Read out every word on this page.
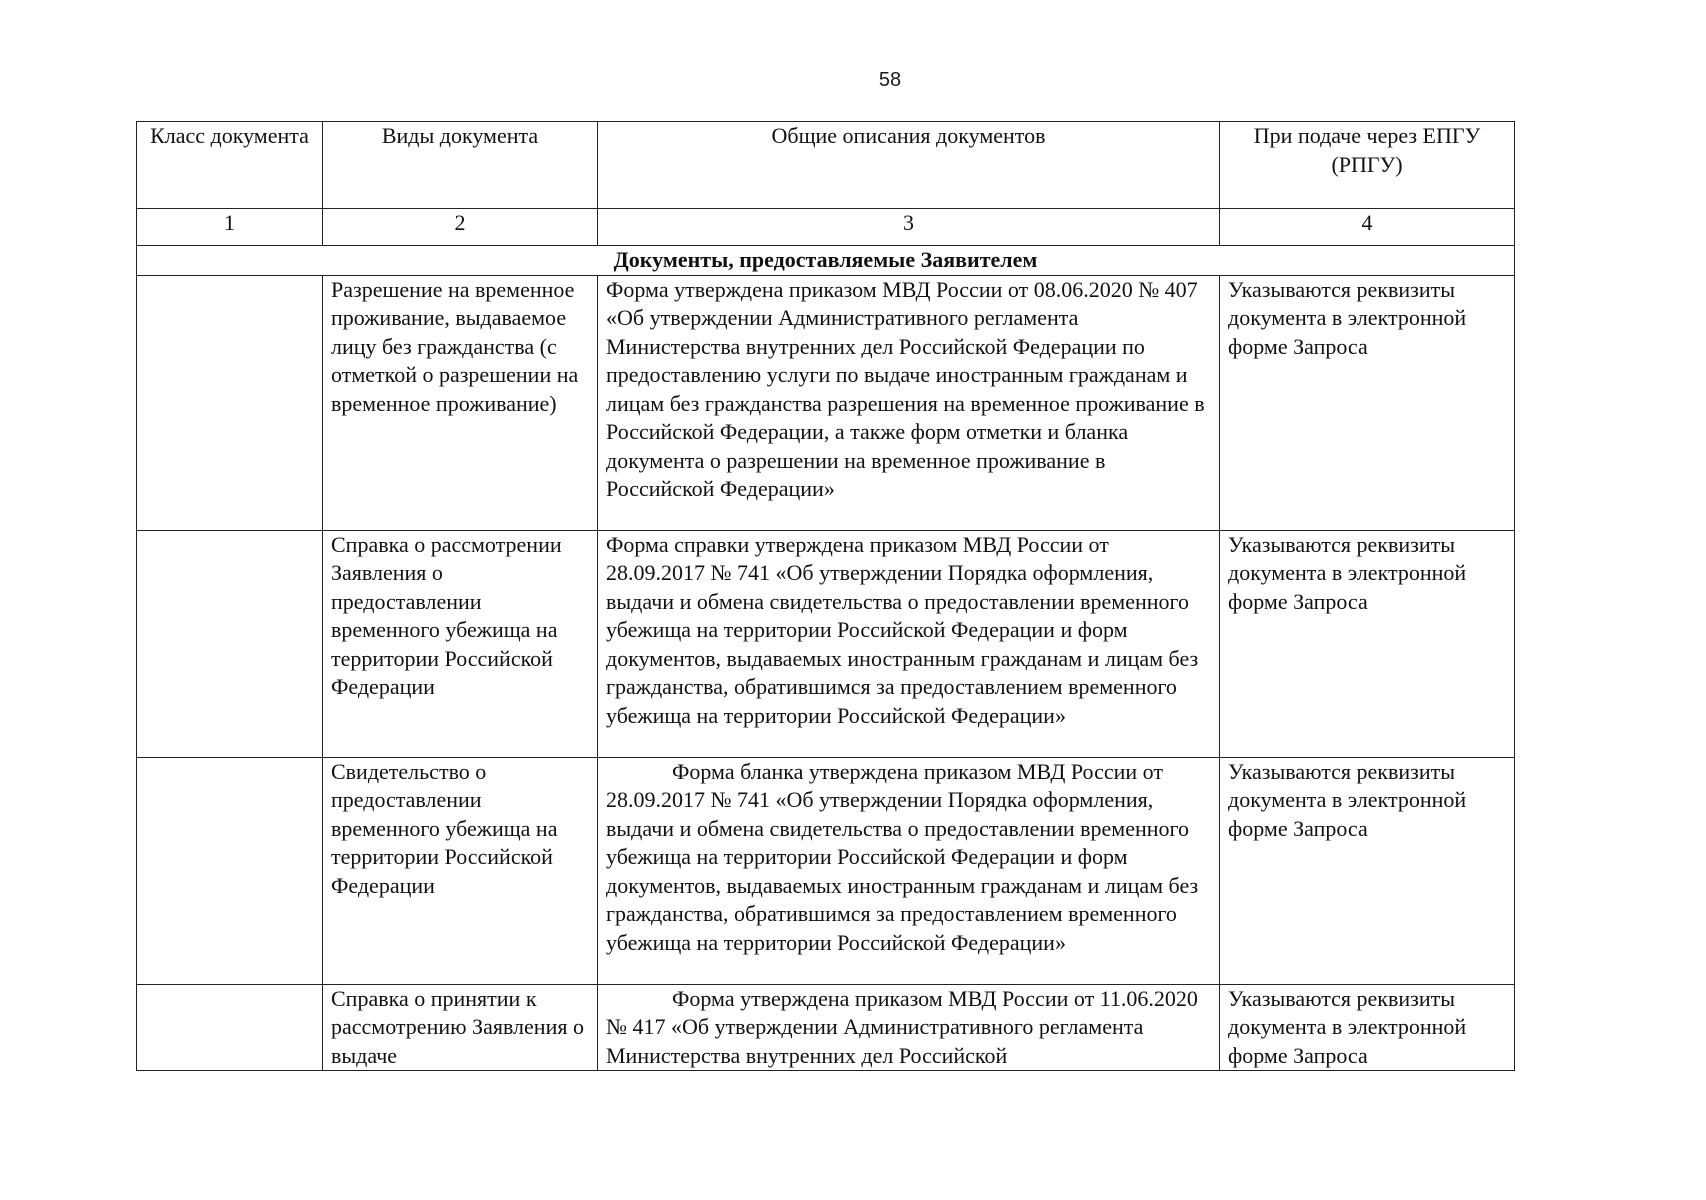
58
Класс документа	Виды документа	Общие описания документов	При подаче через ЕПГУ (РПГУ)
1	2	3	4
Документы, предоставляемые Заявителем			
	Разрешение на временное проживание, выдаваемое лицу без гражданства (с отметкой о разрешении на временное проживание)	Форма утверждена приказом МВД России от 08.06.2020 № 407 «Об утверждении Административного регламента Министерства внутренних дел Российской Федерации по предоставлению услуги по выдаче иностранным гражданам и лицам без гражданства разрешения на временное проживание в Российской Федерации, а также форм отметки и бланка документа о разрешении на временное проживание в Российской Федерации»	Указываются реквизиты документа в электронной форме Запроса
	Справка о рассмотрении Заявления о предоставлении временного убежища на территории Российской Федерации	Форма справки утверждена приказом МВД России от 28.09.2017 № 741 «Об утверждении Порядка оформления, выдачи и обмена свидетельства о предоставлении временного убежища на территории Российской Федерации и форм документов, выдаваемых иностранным гражданам и лицам без гражданства, обратившимся за предоставлением временного убежища на территории Российской Федерации»	Указываются реквизиты документа в электронной форме Запроса
	Свидетельство о предоставлении временного убежища на территории Российской Федерации	Форма бланка утверждена приказом МВД России от 28.09.2017 № 741 «Об утверждении Порядка оформления, выдачи и обмена свидетельства о предоставлении временного убежища на территории Российской Федерации и форм документов, выдаваемых иностранным гражданам и лицам без гражданства, обратившимся за предоставлением временного убежища на территории Российской Федерации»	Указываются реквизиты документа в электронной форме Запроса
	Справка о принятии к рассмотрению Заявления о выдаче	Форма утверждена приказом МВД России от 11.06.2020 № 417 «Об утверждении Административного регламента Министерства внутренних дел Российской	Указываются реквизиты документа в электронной форме Запроса
